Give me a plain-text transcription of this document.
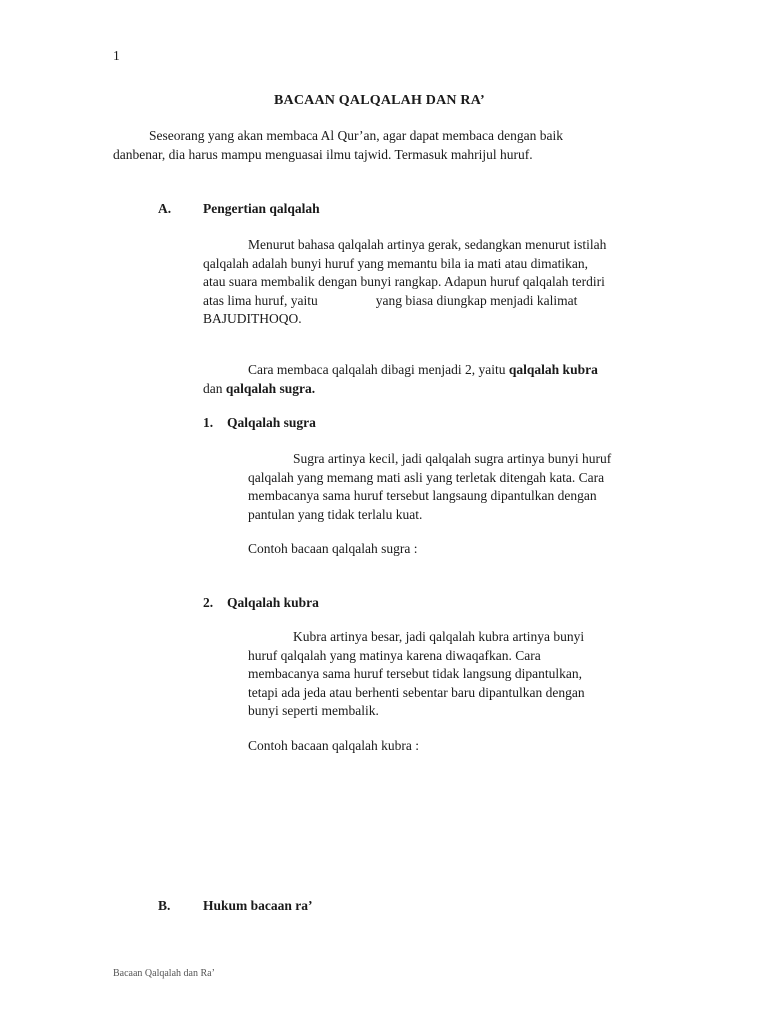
1
BACAAN QALQALAH DAN RA’
Seseorang yang akan membaca Al Qur’an, agar dapat membaca dengan baik
danbenar, dia harus mampu menguasai ilmu tajwid. Termasuk mahrijul huruf.
A. Pengertian qalqalah
Menurut bahasa qalqalah artinya gerak, sedangkan menurut istilah
qalqalah adalah bunyi huruf yang memantu bila ia mati atau dimatikan,
atau suara membalik dengan bunyi rangkap. Adapun huruf qalqalah terdiri
atas lima huruf, yaitu	yang biasa diungkap menjadi kalimat
BAJUDITHOQO.
Cara membaca qalqalah dibagi menjadi 2, yaitu qalqalah kubra
dan qalqalah sugra.
1. Qalqalah sugra
Sugra artinya kecil, jadi qalqalah sugra artinya bunyi huruf
qalqalah yang memang mati asli yang terletak ditengah kata. Cara
membacanya sama huruf tersebut langsaung dipantulkan dengan
pantulan yang tidak terlalu kuat.
Contoh bacaan qalqalah sugra :
2. Qalqalah kubra
Kubra artinya besar, jadi qalqalah kubra artinya bunyi
huruf qalqalah yang matinya karena diwaqafkan. Cara
membacanya sama huruf tersebut tidak langsung dipantulkan,
tetapi ada jeda atau berhenti sebentar baru dipantulkan dengan
bunyi seperti membalik.
Contoh bacaan qalqalah kubra :
B. Hukum bacaan ra’
Bacaan Qalqalah dan Ra’
